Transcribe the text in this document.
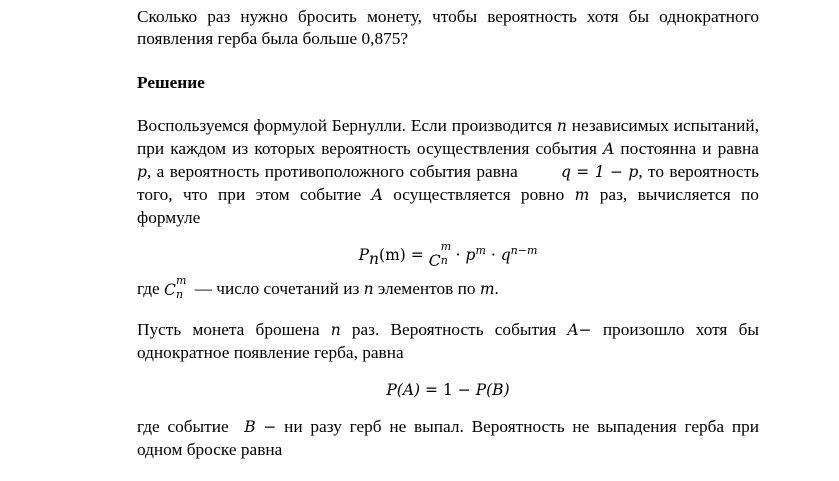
Сколько раз нужно бросить монету, чтобы вероятность хотя бы однократного появления герба была больше 0,875?

Решение

Воспользуемся формулой Бернулли. Если производится n независимых испытаний, при каждом из которых вероятность осуществления события A постоянна и равна p, а вероятность противоположного события равна	q = 1 − p, то вероятность того, что при этом событие A осуществляется ровно m раз, вычисляется по формуле

$P_n(m) = C$
m
$n \cdot p^m \cdot q^{n-m}$

где C
m
n — число сочетаний из n элементов по m.

Пусть монета брошена n раз. Вероятность события A− произошло хотя бы однократное появление герба, равна

P(A) = 1 − P(B)

где событие B − ни разу герб не выпал. Вероятность не выпадения герба при одном броске равна
